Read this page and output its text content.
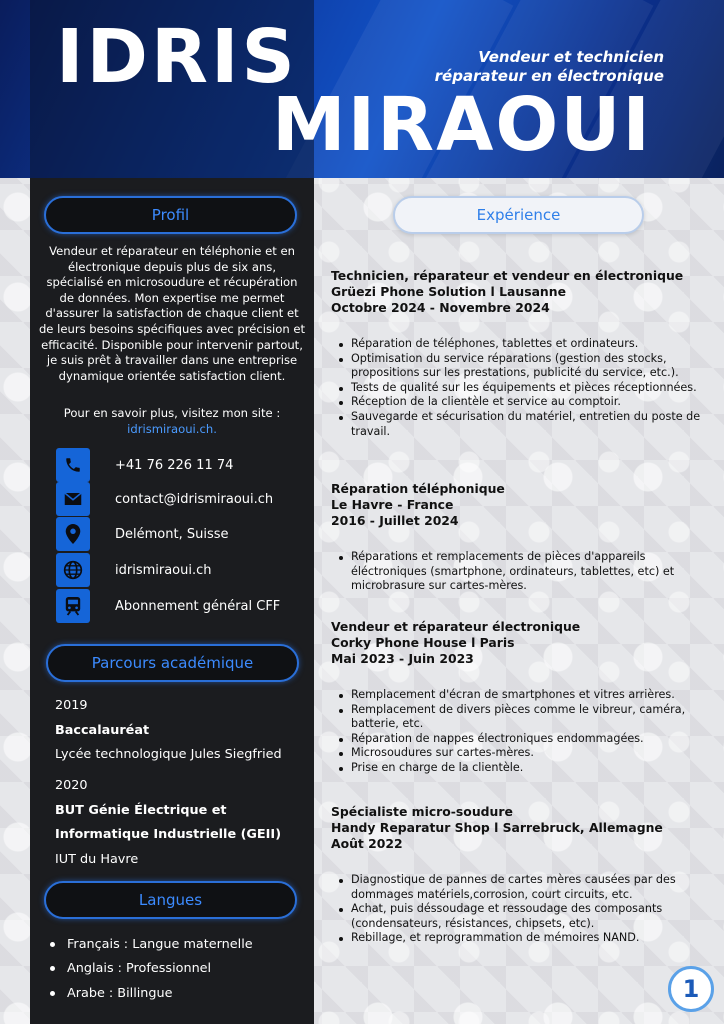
IDRIS
MIRAOUI
Vendeur et technicien
réparateur en électronique
Profil
Vendeur et réparateur en téléphonie et en électronique depuis plus de six ans, spécialisé en microsoudure et récupération de données. Mon expertise me permet d'assurer la satisfaction de chaque client et de leurs besoins spécifiques avec précision et efficacité. Disponible pour intervenir partout, je suis prêt à travailler dans une entreprise dynamique orientée satisfaction client.
Pour en savoir plus, visitez mon site :
idrismiraoui.ch.
+41 76 226 11 74
contact@idrismiraoui.ch
Delémont, Suisse
idrismiraoui.ch
Abonnement général CFF
Parcours académique
2019
Baccalauréat
Lycée technologique Jules Siegfried
2020
BUT Génie Électrique et
Informatique Industrielle (GEII)
IUT du Havre
Langues
Français : Langue maternelle
Anglais : Professionnel
Arabe : Billingue
Expérience
Technicien, réparateur et vendeur en électronique
Grüezi Phone Solution l Lausanne
Octobre 2024 - Novembre 2024
Réparation de téléphones, tablettes et ordinateurs.
Optimisation du service réparations (gestion des stocks, propositions sur les prestations, publicité du service, etc.).
Tests de qualité sur les équipements et pièces réceptionnées.
Réception de la clientèle et service au comptoir.
Sauvegarde et sécurisation du matériel, entretien du poste de travail.
Réparation téléphonique
Le Havre - France
2016 - Juillet 2024
Réparations et remplacements de pièces d'appareils éléctroniques (smartphone, ordinateurs, tablettes, etc) et microbrasure sur cartes-mères.
Vendeur et réparateur électronique
Corky Phone House l Paris
Mai 2023 - Juin 2023
Remplacement d'écran de smartphones et vitres arrières.
Remplacement de divers pièces comme le vibreur, caméra, batterie, etc.
Réparation de nappes électroniques endommagées.
Microsoudures sur cartes-mères.
Prise en charge de la clientèle.
Spécialiste micro-soudure
Handy Reparatur Shop l Sarrebruck, Allemagne
Août 2022
Diagnostique de pannes de cartes mères causées par des dommages matériels,corrosion, court circuits, etc.
Achat, puis déssoudage et ressoudage des composants (condensateurs, résistances, chipsets, etc).
Rebillage, et reprogrammation de mémoires NAND.
1
